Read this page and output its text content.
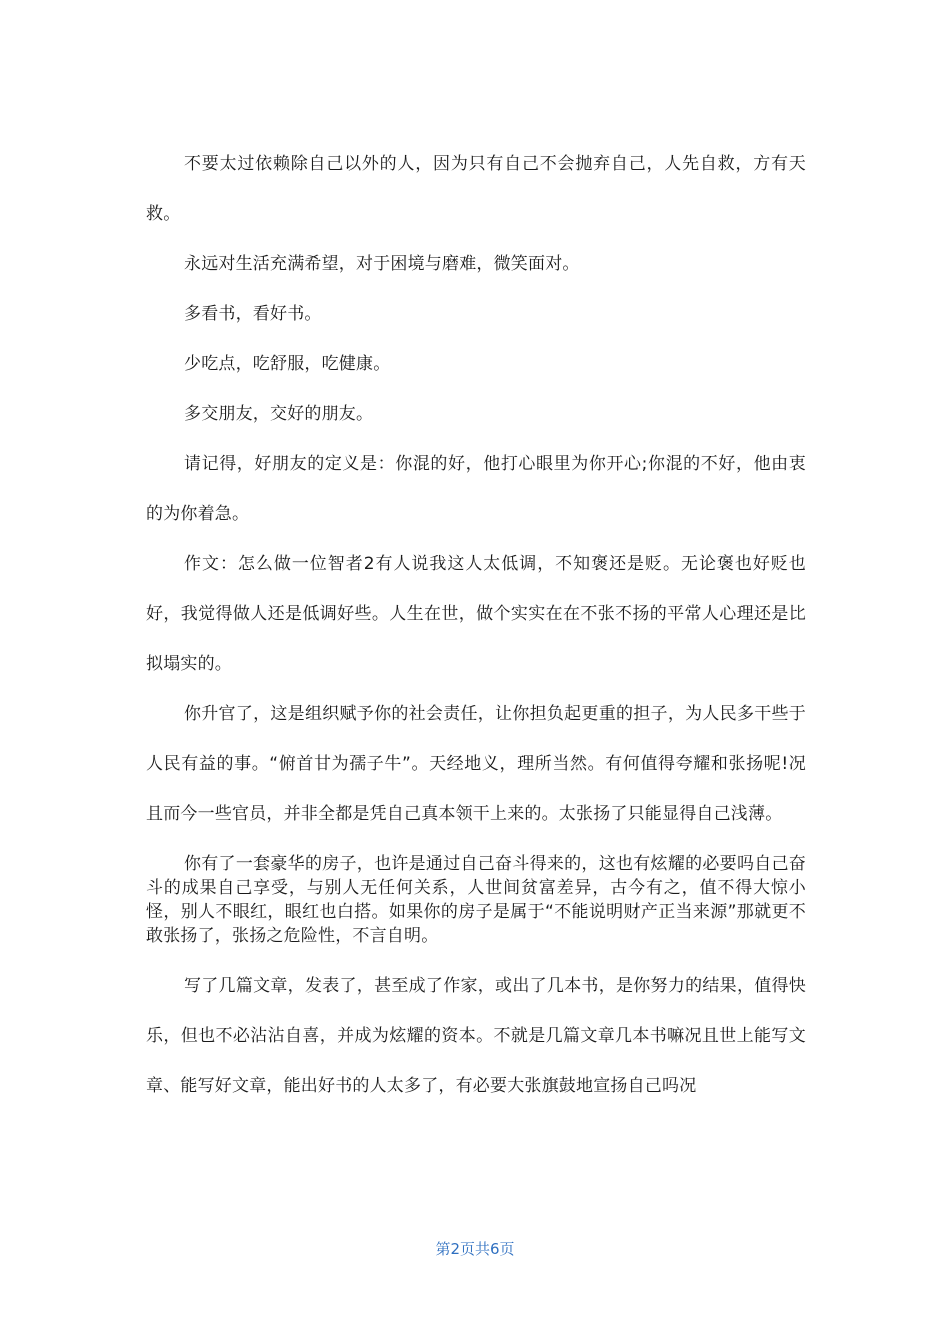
不要太过依赖除自己以外的人，因为只有自己不会抛弃自己，人先自救，方有天救。

永远对生活充满希望，对于困境与磨难，微笑面对。

多看书，看好书。

少吃点，吃舒服，吃健康。

多交朋友，交好的朋友。

请记得，好朋友的定义是：你混的好，他打心眼里为你开心;你混的不好，他由衷的为你着急。

作文：怎么做一位智者2有人说我这人太低调，不知褒还是贬。无论褒也好贬也好，我觉得做人还是低调好些。人生在世，做个实实在在不张不扬的平常人心理还是比拟塌实的。

你升官了，这是组织赋予你的社会责任，让你担负起更重的担子，为人民多干些于人民有益的事。“俯首甘为孺子牛”。天经地义，理所当然。有何值得夸耀和张扬呢!况且而今一些官员，并非全都是凭自己真本领干上来的。太张扬了只能显得自己浅薄。

你有了一套豪华的房子，也许是通过自己奋斗得来的，这也有炫耀的必要吗自己奋斗的成果自己享受，与别人无任何关系，人世间贫富差异，古今有之，值不得大惊小怪，别人不眼红，眼红也白搭。如果你的房子是属于“不能说明财产正当来源”那就更不敢张扬了，张扬之危险性，不言自明。

写了几篇文章，发表了，甚至成了作家，或出了几本书，是你努力的结果，值得快乐，但也不必沾沾自喜，并成为炫耀的资本。不就是几篇文章几本书嘛况且世上能写文章、能写好文章，能出好书的人太多了，有必要大张旗鼓地宣扬自己吗况

第2页共6页
